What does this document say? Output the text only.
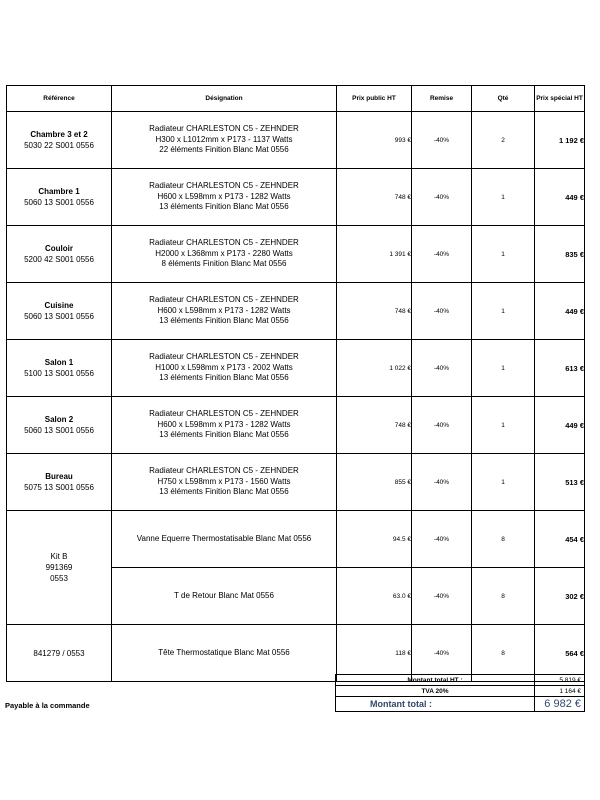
Référence	Désignation	Prix public HT	Remise	Qté	Prix spécial HT

Chambre 3 et 2
5030 22 S001 0556	Radiateur CHARLESTON C5 - ZEHNDER
H300 x L1012mm x P173 - 1137 Watts
22 éléments Finition Blanc Mat 0556	993 €	-40%	2	1 192 €

Chambre 1
5060 13 S001 0556	Radiateur CHARLESTON C5 - ZEHNDER
H600 x L598mm x P173 - 1282 Watts
13 éléments Finition Blanc Mat 0556	748 €	-40%	1	449 €

Couloir
5200 42 S001 0556	Radiateur CHARLESTON C5 - ZEHNDER
H2000 x L368mm x P173 - 2280 Watts
8 éléments Finition Blanc Mat 0556	1 391 €	-40%	1	835 €

Cuisine
5060 13 S001 0556	Radiateur CHARLESTON C5 - ZEHNDER
H600 x L598mm x P173 - 1282 Watts
13 éléments Finition Blanc Mat 0556	748 €	-40%	1	449 €

Salon 1
5100 13 S001 0556	Radiateur CHARLESTON C5 - ZEHNDER
H1000 x L598mm x P173 - 2002 Watts
13 éléments Finition Blanc Mat 0556	1 022 €	-40%	1	613 €

Salon 2
5060 13 S001 0556	Radiateur CHARLESTON C5 - ZEHNDER
H600 x L598mm x P173 - 1282 Watts
13 éléments Finition Blanc Mat 0556	748 €	-40%	1	449 €

Bureau
5075 13 S001 0556	Radiateur CHARLESTON C5 - ZEHNDER
H750 x L598mm x P173 - 1560 Watts
13 éléments Finition Blanc Mat 0556	855 €	-40%	1	513 €

Kit B
991369
0553	Vanne Equerre Thermostatisable Blanc Mat 0556	94.5 €	-40%	8	454 €

	T de Retour Blanc Mat 0556	63.0 €	-40%	8	302 €

841279 / 0553	Tête Thermostatique Blanc Mat 0556	118 €	-40%	8	564 €
Montant total HT :	5 819 €
TVA 20%	1 164 €
Montant total :	6 982 €
Payable à la commande
